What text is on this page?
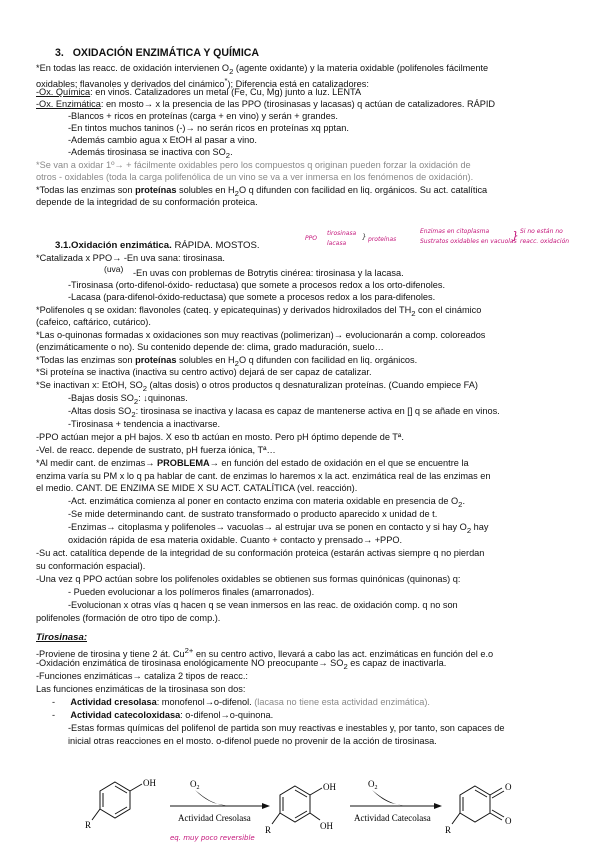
3. OXIDACIÓN ENZIMÁTICA Y QUÍMICA
*En todas las reacc. de oxidación intervienen $O_2$ (agente oxidante) y la materia oxidable (polifenoles fácilmente
oxidables; flavanoles y derivados del cinámico*); Diferencia está en catalizadores:
-Ox. Química: en vinos. Catalizadores un metal (Fe, Cu, Mg) junto a luz. LENTA
-Ox. Enzimática: en mosto→ x la presencia de las PPO (tirosinasas y lacasas) q actúan de catalizadores. RÁPID
-Blancos + ricos en proteínas (carga + en vino) y serán + grandes.
-En tintos muchos taninos (-)→ no serán ricos en proteínas xq pptan.
-Además cambio agua x EtOH al pasar a vino.
-Además tirosinasa se inactiva con $SO_2$.
*Se van a oxidar 1º→ + fácilmente oxidables pero los compuestos q originan pueden forzar la oxidación de
otros - oxidables (toda la carga polifenólica de un vino se va a ver inmersa en los fenómenos de oxidación).
*Todas las enzimas son proteínas solubles en $H_2O$ q difunden con facilidad en liq. orgánicos. Su act. catalítica
depende de la integridad de su conformación proteica.
3.1.Oxidación enzimática. RÁPIDA. MOSTOS.
PPO
tirosinasa
lacasa
} proteínas
Enzimas en citoplasma
Sustratos oxidables en vacuolas
} Si no están no
reacc. oxidación
*Catalizada x PPO→ -En uva sana: tirosinasa.
(uva) -En uvas con problemas de Botrytis cinérea: tirosinasa y la lacasa.
-Tirosinasa (orto-difenol-óxido- reductasa) que somete a procesos redox a los orto-difenoles.
-Lacasa (para-difenol-óxido-reductasa) que somete a procesos redox a los para-difenoles.
*Polifenoles q se oxidan: flavonoles (cateq. y epicatequinas) y derivados hidroxilados del $TH_2$ con el cinámico
(cafeico, caftárico, cutárico).
*Las o-quinonas formadas x oxidaciones son muy reactivas (polimerizan)→ evolucionarán a comp. coloreados
(enzimáticamente o no). Su contenido depende de: clima, grado maduración, suelo…
*Todas las enzimas son proteínas solubles en $H_2O$ q difunden con facilidad en liq. orgánicos.
*Si proteína se inactiva (inactiva su centro activo) dejará de ser capaz de catalizar.
*Se inactivan x: EtOH, $SO_2$ (altas dosis) o otros productos q desnaturalizan proteínas. (Cuando empiece FA)
-Bajas dosis $SO_2$: ↓quinonas.
-Altas dosis $SO_2$: tirosinasa se inactiva y lacasa es capaz de mantenerse activa en [] q se añade en vinos.
-Tirosinasa + tendencia a inactivarse.
-PPO actúan mejor a pH bajos. X eso tb actúan en mosto. Pero pH óptimo depende de Tª.
-Vel. de reacc. depende de sustrato, pH fuerza iónica, Tª…
*Al medir cant. de enzimas→ PROBLEMA→ en función del estado de oxidación en el que se encuentre la
enzima varía su PM x lo q pa hablar de cant. de enzimas lo haremos x la act. enzimática real de las enzimas en
el medio. CANT. DE ENZIMA SE MIDE X SU ACT. CATALÍTICA (vel. reacción).
-Act. enzimática comienza al poner en contacto enzima con materia oxidable en presencia de $O_2$.
-Se mide determinando cant. de sustrato transformado o producto aparecido x unidad de t.
-Enzimas→ citoplasma y polifenoles→ vacuolas→ al estrujar uva se ponen en contacto y si hay $O_2$ hay
oxidación rápida de esa materia oxidable. Cuanto + contacto y prensado→ +PPO.
-Su act. catalítica depende de la integridad de su conformación proteica (estarán activas siempre q no pierdan
su conformación espacial).
-Una vez q PPO actúan sobre los polifenoles oxidables se obtienen sus formas quinónicas (quinonas) q:
- Pueden evolucionar a los polímeros finales (amarronados).
-Evolucionan x otras vías q hacen q se vean inmersos en las reac. de oxidación comp. q no son
polifenoles (formación de otro tipo de comp.).
Tirosinasa:
-Proviene de tirosina y tiene 2 át. $Cu^{2+}$ en su centro activo, llevará a cabo las act. enzimáticas en función del e.o
-Oxidación enzimática de tirosinasa enológicamente NO preocupante→ $SO_2$ es capaz de inactivarla.
-Funciones enzimáticas→ cataliza 2 tipos de reacc.:
Las funciones enzimáticas de la tirosinasa son dos:
- Actividad cresolasa: monofenol→o-difenol. (lacasa no tiene esta actividad enzimática).
- Actividad catecoloxidasa: o-difenol→o-quinona.
-Estas formas químicas del polifenol de partida son muy reactivas e inestables y, por tanto, son capaces de
inicial otras reacciones en el mosto. o-difenol puede no provenir de la acción de tirosinasa.
OH
R
$O_2$
Actividad Cresolasa
OH
OH
R
$O_2$
Actividad Catecolasa
O
O
R
eq. muy poco reversible
